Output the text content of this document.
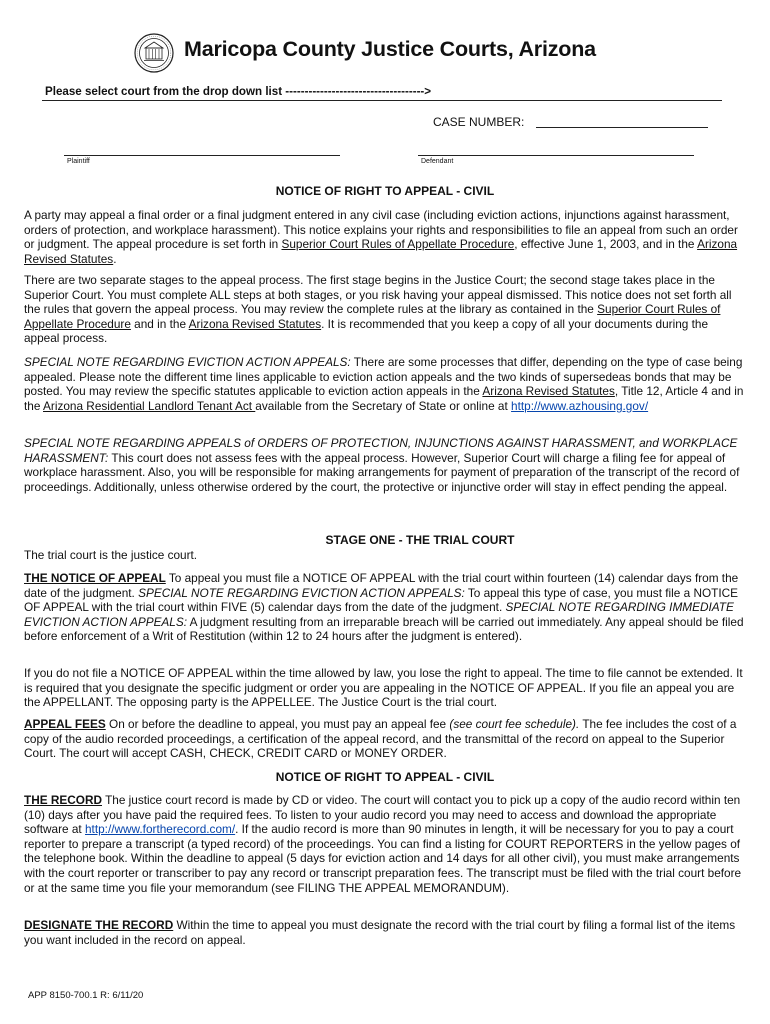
Maricopa County Justice Courts, Arizona
Please select court from the drop down list ------------------------------------>
CASE NUMBER:
Plaintiff	Defendant
NOTICE OF RIGHT TO APPEAL - CIVIL

A party may appeal a final order or a final judgment entered in any civil case (including eviction actions, injunctions against harassment, orders of protection, and workplace harassment). This notice explains your rights and responsibilities to file an appeal from such an order or judgment. The appeal procedure is set forth in Superior Court Rules of Appellate Procedure, effective June 1, 2003, and in the Arizona Revised Statutes.

There are two separate stages to the appeal process. The first stage begins in the Justice Court; the second stage takes place in the Superior Court. You must complete ALL steps at both stages, or you risk having your appeal dismissed. This notice does not set forth all the rules that govern the appeal process. You may review the complete rules at the library as contained in the Superior Court Rules of Appellate Procedure and in the Arizona Revised Statutes. It is recommended that you keep a copy of all your documents during the appeal process.

SPECIAL NOTE REGARDING EVICTION ACTION APPEALS: There are some processes that differ, depending on the type of case being appealed. Please note the different time lines applicable to eviction action appeals and the two kinds of supersedeas bonds that may be posted. You may review the specific statutes applicable to eviction action appeals in the Arizona Revised Statutes, Title 12, Article 4 and in the Arizona Residential Landlord Tenant Act available from the Secretary of State or online at http://www.azhousing.gov/

SPECIAL NOTE REGARDING APPEALS of ORDERS OF PROTECTION, INJUNCTIONS AGAINST HARASSMENT, and WORKPLACE HARASSMENT: This court does not assess fees with the appeal process. However, Superior Court will charge a filing fee for appeal of workplace harassment. Also, you will be responsible for making arrangements for payment of preparation of the transcript of the record of

proceedings. Additionally, unless otherwise ordered by the court, the protective or injunctive order will stay in effect pending the appeal.

STAGE ONE - THE TRIAL COURT
The trial court is the justice court.

THE NOTICE OF APPEAL To appeal you must file a NOTICE OF APPEAL with the trial court within fourteen (14) calendar days from the date of the judgment. SPECIAL NOTE REGARDING EVICTION ACTION APPEALS: To appeal this type of case, you must file a NOTICE OF APPEAL with the trial court within FIVE (5) calendar days from the date of the judgment. SPECIAL NOTE REGARDING IMMEDIATE EVICTION ACTION APPEALS: A judgment resulting from an irreparable breach will be carried out immediately. Any appeal should be filed before enforcement of a Writ of Restitution (within 12 to 24 hours after the judgment is entered).

If you do not file a NOTICE OF APPEAL within the time allowed by law, you lose the right to appeal. The time to file cannot be extended. It is required that you designate the specific judgment or order you are appealing in the NOTICE OF APPEAL. If you file an appeal you are the APPELLANT. The opposing party is the APPELLEE. The Justice Court is the trial court.

APPEAL FEES On or before the deadline to appeal, you must pay an appeal fee (see court fee schedule). The fee includes the cost of a copy of the audio recorded proceedings, a certification of the appeal record, and the transmittal of the record on appeal to the Superior Court. The court will accept CASH, CHECK, CREDIT CARD or MONEY ORDER.

NOTICE OF RIGHT TO APPEAL - CIVIL

THE RECORD The justice court record is made by CD or video. The court will contact you to pick up a copy of the audio record within ten (10) days after you have paid the required fees. To listen to your audio record you may need to access and download the appropriate software at http://www.fortherecord.com/. If the audio record is more than 90 minutes in length, it will be necessary for you to pay a court reporter to prepare a transcript (a typed record) of the proceedings. You can find a listing for COURT REPORTERS in the yellow pages of the telephone book. Within the deadline to appeal (5 days for eviction action and 14 days for all other civil), you must make arrangements with the court reporter or transcriber to pay any record or transcript preparation fees. The transcript must be filed with the trial court before or at the same time you file your memorandum (see FILING THE APPEAL MEMORANDUM).

DESIGNATE THE RECORD Within the time to appeal you must designate the record with the trial court by filing a formal list of the items you want included in the record on appeal.

APP 8150-700.1 R: 6/11/20
